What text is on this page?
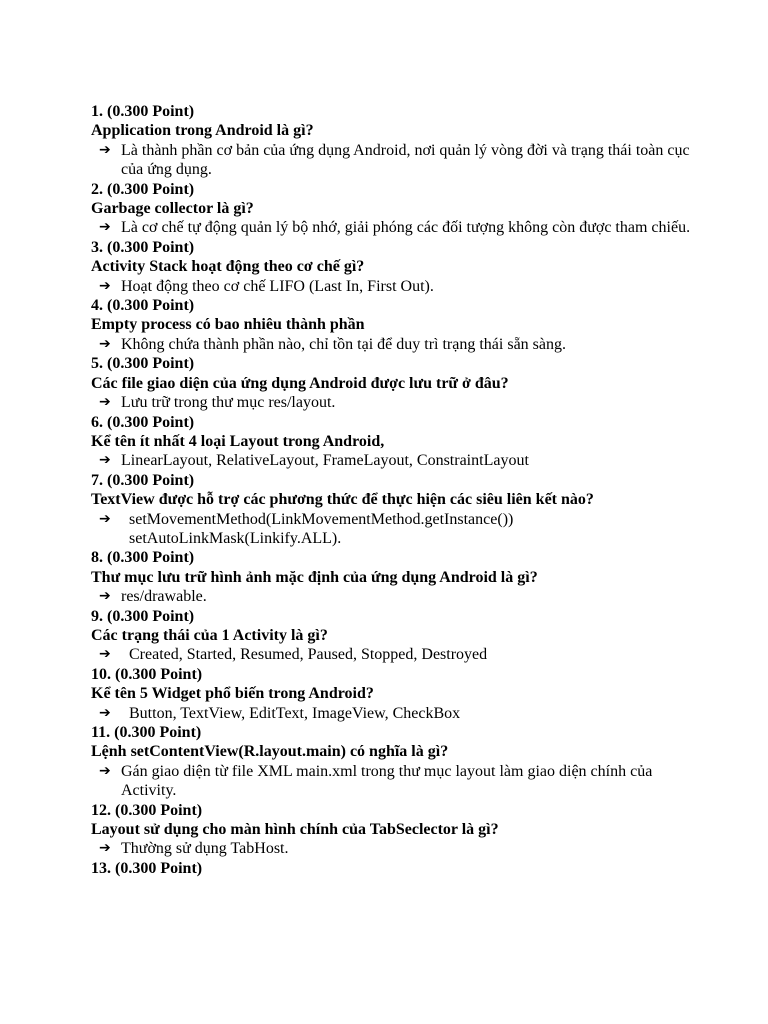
1. (0.300 Point)
Application trong Android là gì?
➔ Là thành phần cơ bản của ứng dụng Android, nơi quản lý vòng đời và trạng thái toàn cục của ứng dụng.
2. (0.300 Point)
Garbage collector là gì?
➔ Là cơ chế tự động quản lý bộ nhớ, giải phóng các đối tượng không còn được tham chiếu.
3. (0.300 Point)
Activity Stack hoạt động theo cơ chế gì?
➔ Hoạt động theo cơ chế LIFO (Last In, First Out).
4. (0.300 Point)
Empty process có bao nhiêu thành phần
➔ Không chứa thành phần nào, chỉ tồn tại để duy trì trạng thái sẵn sàng.
5. (0.300 Point)
Các file giao diện của ứng dụng Android được lưu trữ ở đâu?
➔ Lưu trữ trong thư mục res/layout.
6. (0.300 Point)
Kể tên ít nhất 4 loại Layout trong Android,
➔ LinearLayout, RelativeLayout, FrameLayout, ConstraintLayout
7. (0.300 Point)
TextView được hỗ trợ các phương thức để thực hiện các siêu liên kết nào?
➔ setMovementMethod(LinkMovementMethod.getInstance())
setAutoLinkMask(Linkify.ALL).
8. (0.300 Point)
Thư mục lưu trữ hình ảnh mặc định của ứng dụng Android là gì?
➔ res/drawable.
9. (0.300 Point)
Các trạng thái của 1 Activity là gì?
➔	Created, Started, Resumed, Paused, Stopped, Destroyed
10. (0.300 Point)
Kể tên 5 Widget phổ biến trong Android?
➔	Button, TextView, EditText, ImageView, CheckBox
11. (0.300 Point)
Lệnh setContentView(R.layout.main) có nghĩa là gì?
➔ Gán giao diện từ file XML main.xml trong thư mục layout làm giao diện chính của Activity.
12. (0.300 Point)
Layout sử dụng cho màn hình chính của TabSeclector là gì?
➔ Thường sử dụng TabHost.
13. (0.300 Point)
